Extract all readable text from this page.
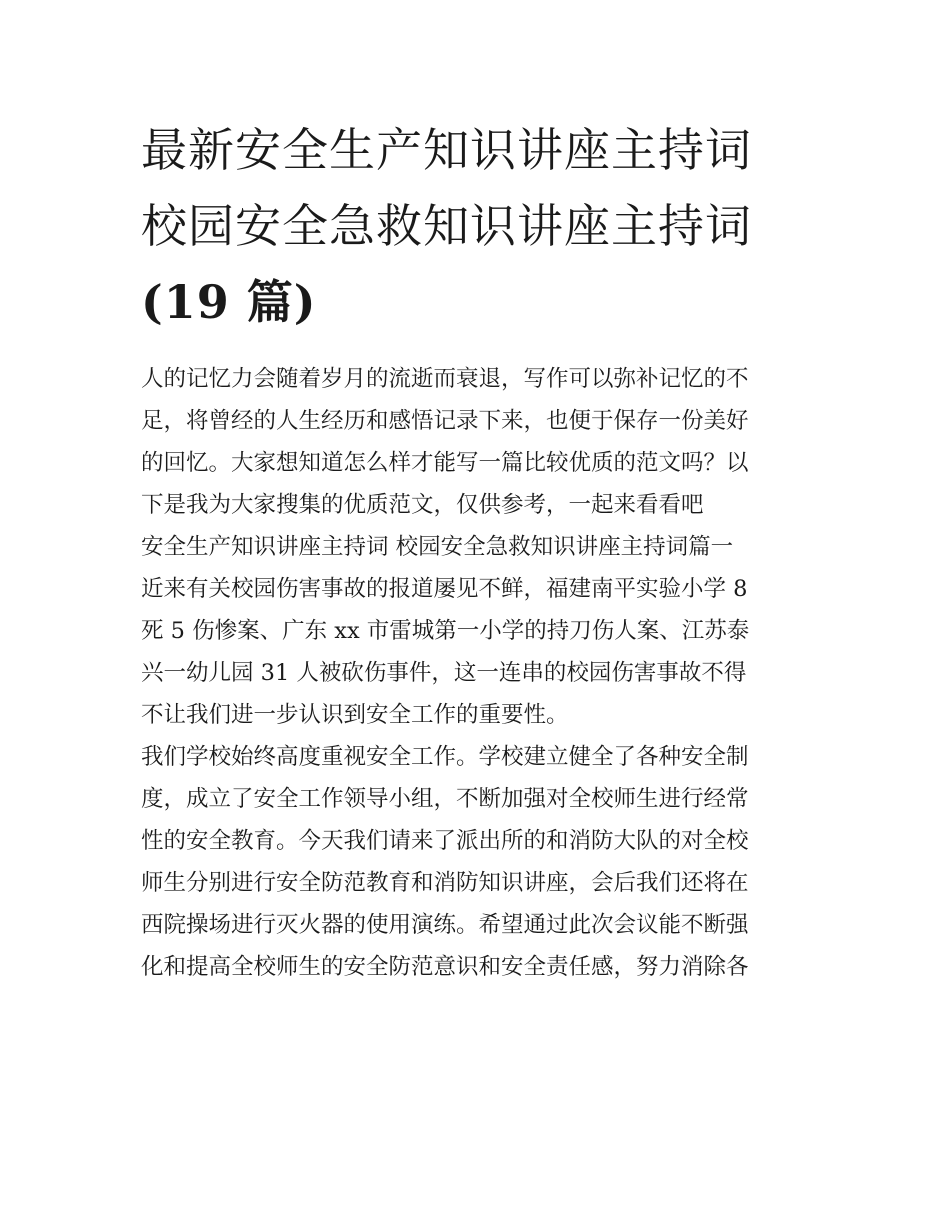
最新安全生产知识讲座主持词
校园安全急救知识讲座主持词
(19 篇)

人的记忆力会随着岁月的流逝而衰退，写作可以弥补记忆的不
足，将曾经的人生经历和感悟记录下来，也便于保存一份美好
的回忆。大家想知道怎么样才能写一篇比较优质的范文吗？以
下是我为大家搜集的优质范文，仅供参考，一起来看看吧

安全生产知识讲座主持词 校园安全急救知识讲座主持词篇一

近来有关校园伤害事故的报道屡见不鲜，福建南平实验小学 8
死 5 伤惨案、广东 xx 市雷城第一小学的持刀伤人案、江苏泰
兴一幼儿园 31 人被砍伤事件，这一连串的校园伤害事故不得
不让我们进一步认识到安全工作的重要性。

我们学校始终高度重视安全工作。学校建立健全了各种安全制
度，成立了安全工作领导小组，不断加强对全校师生进行经常
性的安全教育。今天我们请来了派出所的和消防大队的对全校
师生分别进行安全防范教育和消防知识讲座，会后我们还将在
西院操场进行灭火器的使用演练。希望通过此次会议能不断强
化和提高全校师生的安全防范意识和安全责任感，努力消除各
